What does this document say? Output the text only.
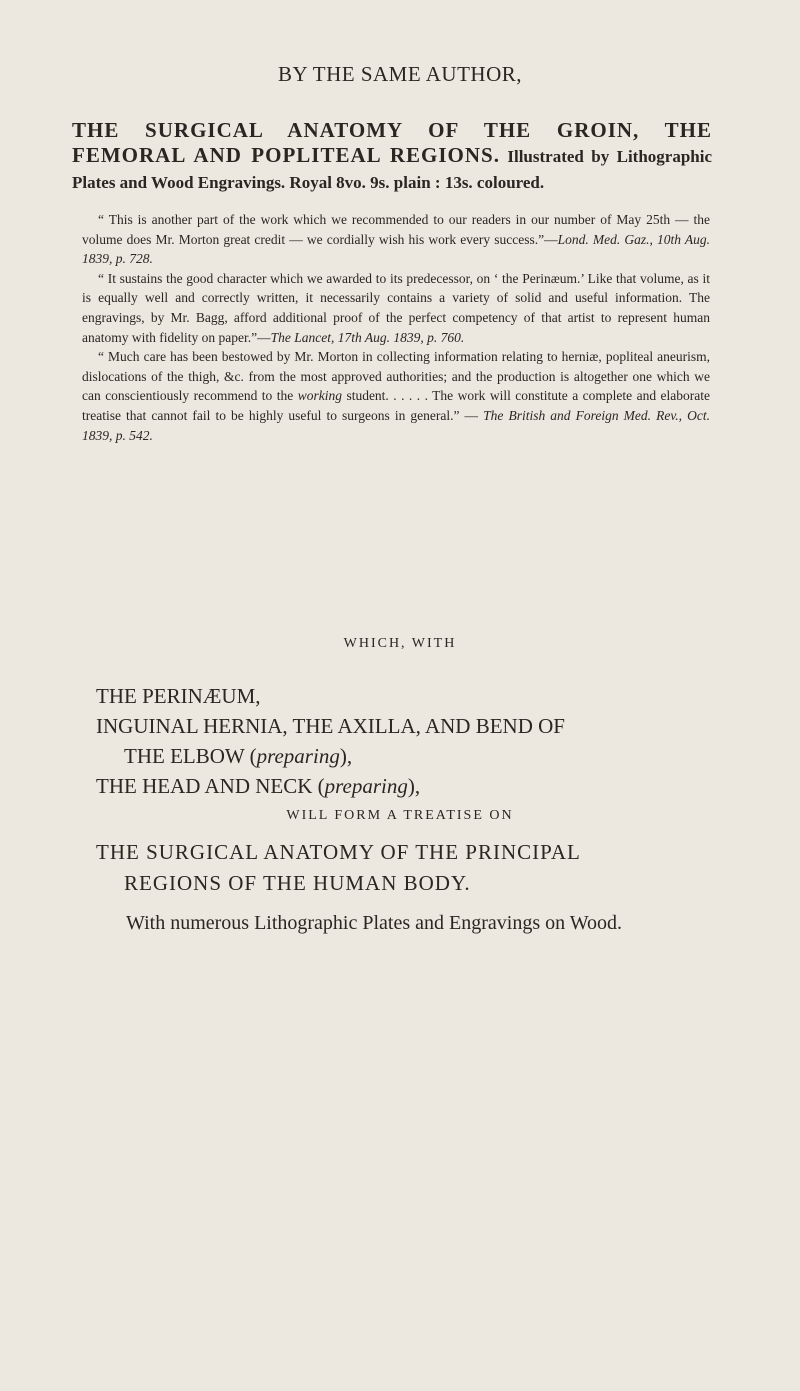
BY THE SAME AUTHOR,
THE SURGICAL ANATOMY OF THE GROIN, THE FEMORAL AND POPLITEAL REGIONS. Illustrated by Lithographic Plates and Wood Engravings. Royal 8vo. 9s. plain : 13s. coloured.

“ This is another part of the work which we recommended to our readers in our number of May 25th — the volume does Mr. Morton great credit — we cordially wish his work every success.”—Lond. Med. Gaz., 10th Aug. 1839, p. 728.

“ It sustains the good character which we awarded to its predecessor, on ‘ the Perinæum.’ Like that volume, as it is equally well and correctly written, it necessarily contains a variety of solid and useful information. The engravings, by Mr. Bagg, afford additional proof of the perfect competency of that artist to represent human anatomy with fidelity on paper.”—The Lancet, 17th Aug. 1839, p. 760.

“ Much care has been bestowed by Mr. Morton in collecting information relating to herniæ, popliteal aneurism, dislocations of the thigh, &c. from the most approved authorities; and the production is altogether one which we can conscientiously recommend to the working student. . . . . . The work will constitute a complete and elaborate treatise that cannot fail to be highly useful to surgeons in general.” — The British and Foreign Med. Rev., Oct. 1839, p. 542.

WHICH, WITH
THE PERINÆUM,
INGUINAL HERNIA, THE AXILLA, AND BEND OF
THE ELBOW (preparing),
THE HEAD AND NECK (preparing),
WILL FORM A TREATISE ON
THE SURGICAL ANATOMY OF THE PRINCIPAL
REGIONS OF THE HUMAN BODY.
With numerous Lithographic Plates and Engravings on Wood.
